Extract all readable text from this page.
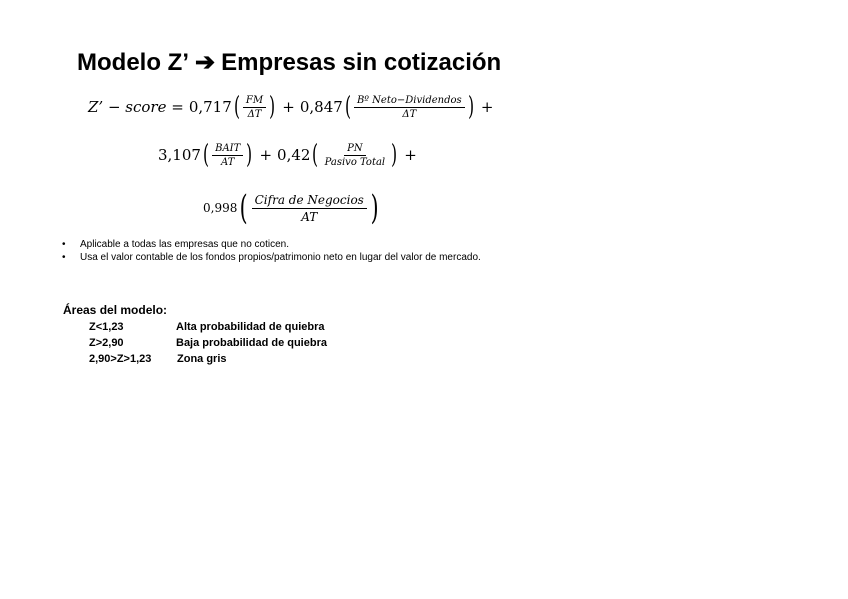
Modelo Z’ ➔ Empresas sin cotización
Z’ − score = 0,717 ( $\frac{FM}{\Delta T}$ ) + 0,847 ( $\frac{\text{Bº Neto−Dividendos}}{\Delta T}$ ) +
3,107 ( $\frac{\text{BAIT}}{AT}$ ) + 0,42 ( $\frac{PN}{\text{Pasivo Total}}$ ) +
0,998 ( $\frac{\text{Cifra de Negocios}}{AT}$ )
• Aplicable a todas las empresas que no coticen.
• Usa el valor contable de los fondos propios/patrimonio neto en lugar del valor de mercado.
Áreas del modelo:
Z<1,23	Alta probabilidad de quiebra
Z>2,90	Baja probabilidad de quiebra
2,90>Z>1,23 Zona gris
